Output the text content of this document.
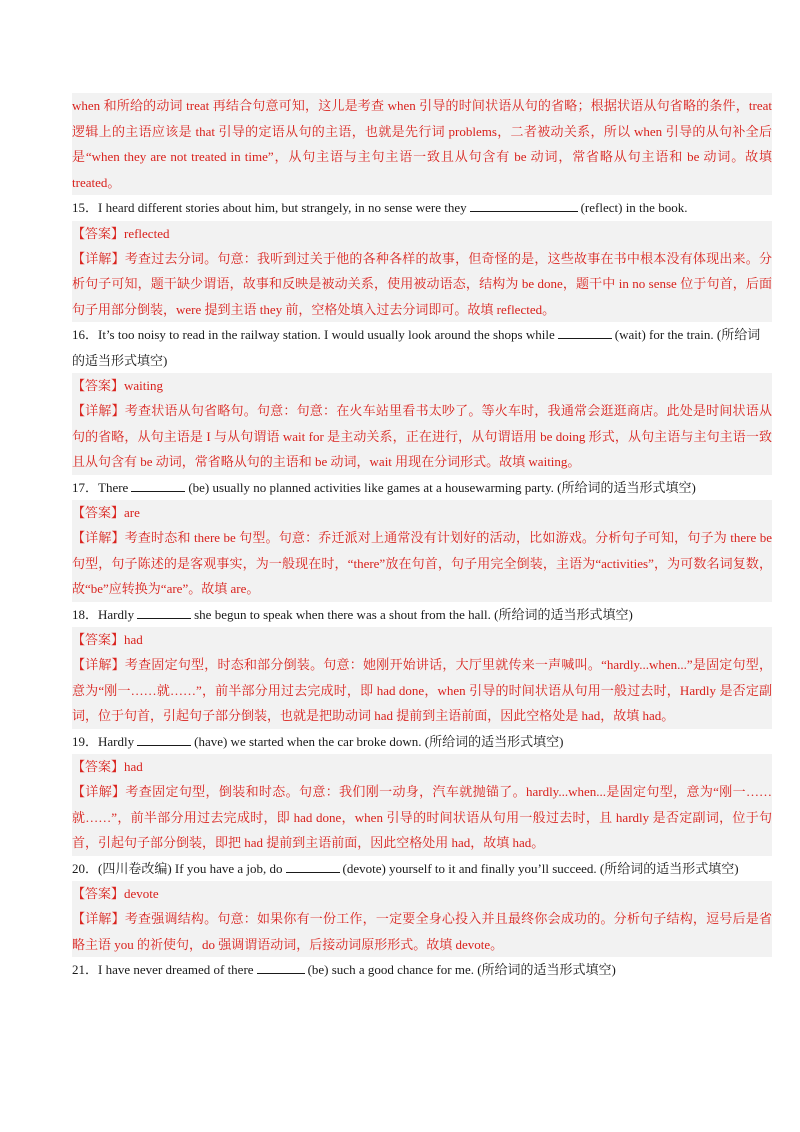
when 和所给的动词 treat 再结合句意可知，这儿是考查 when 引导的时间状语从句的省略；根据状语从句省略的条件，treat 逻辑上的主语应该是 that 引导的定语从句的主语，也就是先行词 problems，二者被动关系，所以 when 引导的从句补全后是“when they are not treated in time”，从句主语与主句主语一致且从句含有 be 动词，常省略从句主语和 be 动词。故填 treated。

15．I heard different stories about him, but strangely, in no sense were they	(reflect) in the book.

【答案】reflected

【详解】考查过去分词。句意：我听到过关于他的各种各样的故事，但奇怪的是，这些故事在书中根本没有体现出来。分析句子可知，题干缺少谓语，故事和反映是被动关系，使用被动语态，结构为 be done，题干中 in no sense 位于句首，后面句子用部分倒装，were 提到主语 they 前，空格处填入过去分词即可。故填 reflected。

16．It’s too noisy to read in the railway station. I would usually look around the shops while	(wait) for the train. (所给词的适当形式填空)

【答案】waiting

【详解】考查状语从句省略句。句意：句意：在火车站里看书太吵了。等火车时，我通常会逛逛商店。此处是时间状语从句的省略，从句主语是 I 与从句谓语 wait for 是主动关系，正在进行，从句谓语用 be doing 形式，从句主语与主句主语一致且从句含有 be 动词，常省略从句的主语和 be 动词，wait 用现在分词形式。故填 waiting。

17．There	(be) usually no planned activities like games at a housewarming party. (所给词的适当形式填空)

【答案】are

【详解】考查时态和 there be 句型。句意：乔迁派对上通常没有计划好的活动，比如游戏。分析句子可知，句子为 there be 句型，句子陈述的是客观事实，为一般现在时，“there”放在句首，句子用完全倒装，主语为“activities”，为可数名词复数，故“be”应转换为“are”。故填 are。

18．Hardly	she begun to speak when there was a shout from the hall. (所给词的适当形式填空)

【答案】had

【详解】考查固定句型，时态和部分倒装。句意：她刚开始讲话，大厅里就传来一声喊叫。“hardly...when...”是固定句型，意为“刚一……就……”，前半部分用过去完成时，即 had done，when 引导的时间状语从句用一般过去时，Hardly 是否定副词，位于句首，引起句子部分倒装，也就是把助动词 had 提前到主语前面，因此空格处是 had，故填 had。

19．Hardly	(have) we started when the car broke down. (所给词的适当形式填空)

【答案】had

【详解】考查固定句型，倒装和时态。句意：我们刚一动身，汽车就抛锚了。hardly...when...是固定句型，意为“刚一……就……”，前半部分用过去完成时，即 had done，when 引导的时间状语从句用一般过去时，且 hardly 是否定副词，位于句首，引起句子部分倒装，即把 had 提前到主语前面，因此空格处用 had，故填 had。

20．(四川卷改编) If you have a job, do	(devote) yourself to it and finally you’ll succeed. (所给词的适当形式填空)

【答案】devote

【详解】考查强调结构。句意：如果你有一份工作，一定要全身心投入并且最终你会成功的。分析句子结构，逗号后是省略主语 you 的祈使句，do 强调谓语动词，后接动词原形形式。故填 devote。

21．I have never dreamed of there	(be) such a good chance for me. (所给词的适当形式填空)
